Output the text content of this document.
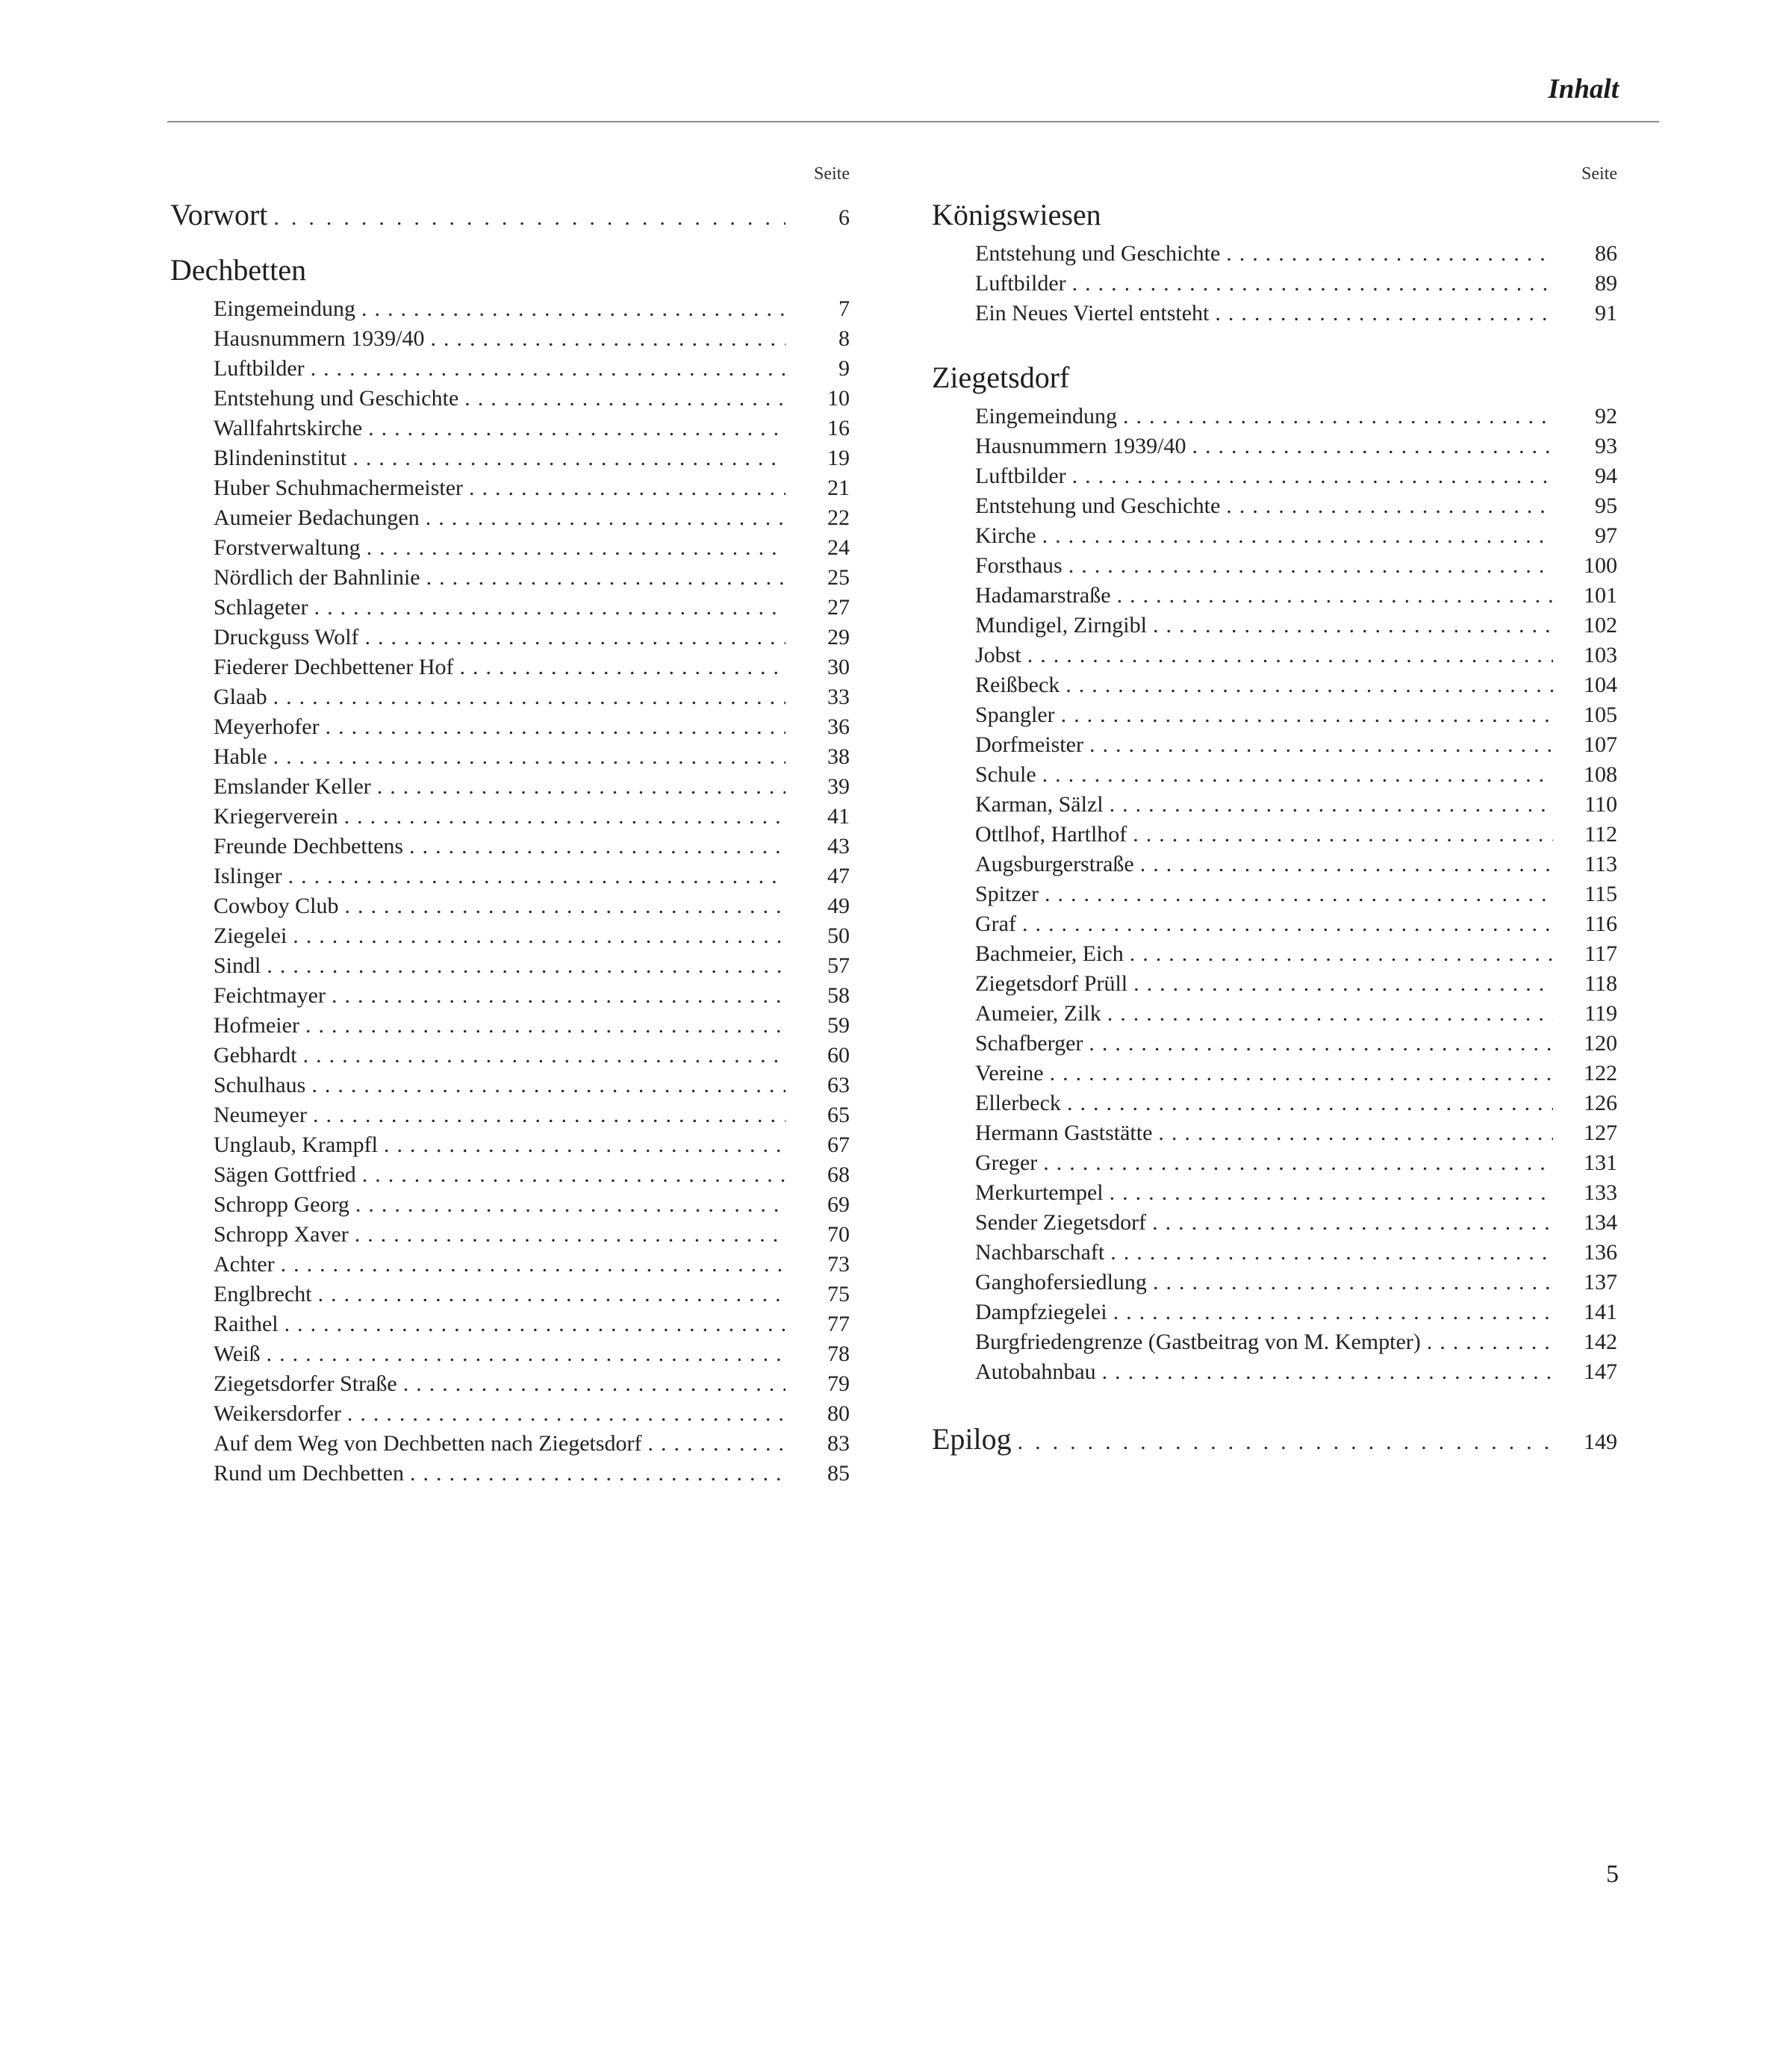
Inhalt
Seite
Vorwort .....	6
Dechbetten
Eingemeindung .....	7
Hausnummern 1939/40 .....	8
Luftbilder .....	9
Entstehung und Geschichte .....	10
Wallfahrtskirche .....	16
Blindeninstitut .....	19
Huber Schuhmachermeister .....	21
Aumeier Bedachungen .....	22
Forstverwaltung .....	24
Nördlich der Bahnlinie .....	25
Schlageter .....	27
Druckguss Wolf .....	29
Fiederer Dechbettener Hof .....	30
Glaab .....	33
Meyerhofer .....	36
Hable .....	38
Emslander Keller .....	39
Kriegerverein .....	41
Freunde Dechbettens .....	43
Islinger .....	47
Cowboy Club .....	49
Ziegelei .....	50
Sindl .....	57
Feichtmayer .....	58
Hofmeier .....	59
Gebhardt .....	60
Schulhaus .....	63
Neumeyer .....	65
Unglaub, Krampfl .....	67
Sägen Gottfried .....	68
Schropp Georg .....	69
Schropp Xaver .....	70
Achter .....	73
Englbrecht .....	75
Raithel .....	77
Weiß .....	78
Ziegetsdorfer Straße .....	79
Weikersdorfer .....	80
Auf dem Weg von Dechbetten nach Ziegetsdorf .....	83
Rund um Dechbetten .....	85
Seite
Königswiesen
Entstehung und Geschichte .....	86
Luftbilder .....	89
Ein Neues Viertel entsteht .....	91
Ziegetsdorf
Eingemeindung .....	92
Hausnummern 1939/40 .....	93
Luftbilder .....	94
Entstehung und Geschichte .....	95
Kirche .....	97
Forsthaus .....	100
Hadamarstraße .....	101
Mundigel, Zirngibl .....	102
Jobst .....	103
Reißbeck .....	104
Spangler .....	105
Dorfmeister .....	107
Schule .....	108
Karman, Sälzl .....	110
Ottlhof, Hartlhof .....	112
Augsburgerstraße .....	113
Spitzer .....	115
Graf .....	116
Bachmeier, Eich .....	117
Ziegetsdorf Prüll .....	118
Aumeier, Zilk .....	119
Schafberger .....	120
Vereine .....	122
Ellerbeck .....	126
Hermann Gaststätte .....	127
Greger .....	131
Merkurtempel .....	133
Sender Ziegetsdorf .....	134
Nachbarschaft .....	136
Ganghofersiedlung .....	137
Dampfziegelei .....	141
Burgfriedengrenze (Gastbeitrag von M. Kempter) .....	142
Autobahnbau .....	147
Epilog .....	149
5
